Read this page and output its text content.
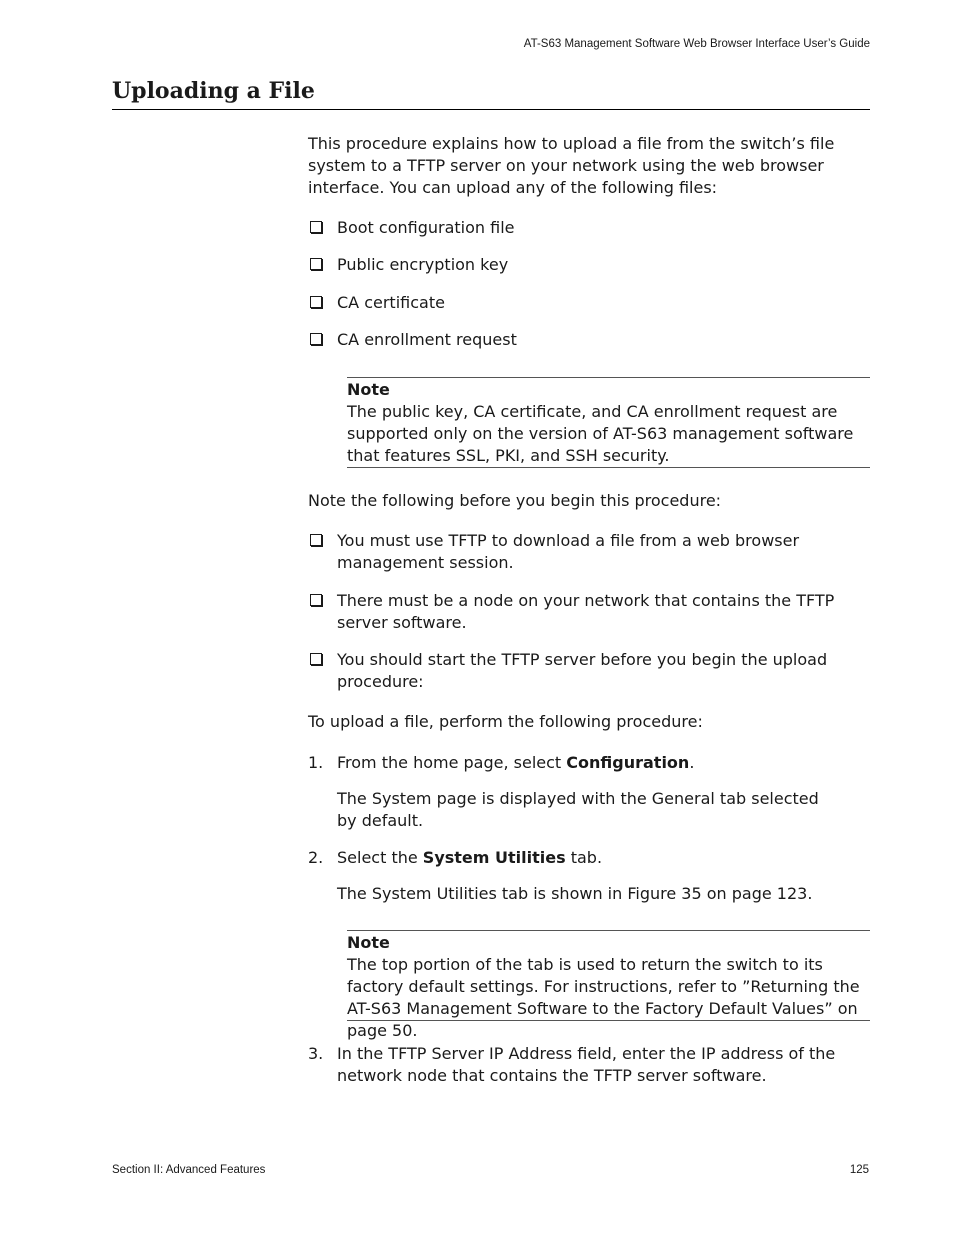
AT-S63 Management Software Web Browser Interface User’s Guide
Uploading a File
This procedure explains how to upload a file from the switch’s file system to a TFTP server on your network using the web browser interface. You can upload any of the following files:
Boot configuration file
Public encryption key
CA certificate
CA enrollment request
Note
The public key, CA certificate, and CA enrollment request are supported only on the version of AT-S63 management software that features SSL, PKI, and SSH security.
Note the following before you begin this procedure:
You must use TFTP to download a file from a web browser management session.
There must be a node on your network that contains the TFTP server software.
You should start the TFTP server before you begin the upload procedure:
To upload a file, perform the following procedure:
1. From the home page, select Configuration.
The System page is displayed with the General tab selected by default.
2. Select the System Utilities tab.
The System Utilities tab is shown in Figure 35 on page 123.
Note
The top portion of the tab is used to return the switch to its factory default settings. For instructions, refer to ”Returning the AT-S63 Management Software to the Factory Default Values” on page 50.
3. In the TFTP Server IP Address field, enter the IP address of the network node that contains the TFTP server software.
Section II: Advanced Features	125
